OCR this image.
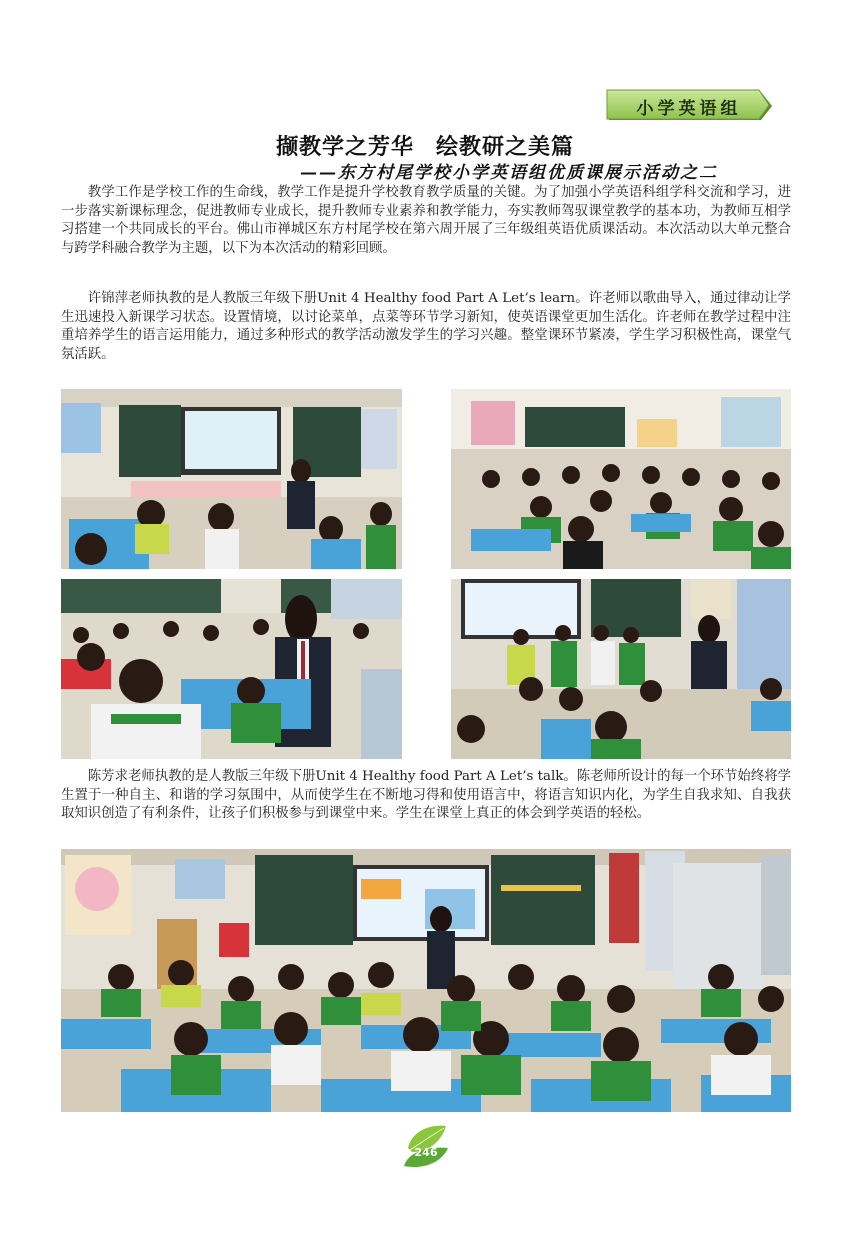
小学英语组
撷教学之芳华 绘教研之美篇
——东方村尾学校小学英语组优质课展示活动之二

教学工作是学校工作的生命线，教学工作是提升学校教育教学质量的关键。为了加强小学英语科组学科交流和学习，进一步落实新课标理念，促进教师专业成长，提升教师专业素养和教学能力，夯实教师驾驭课堂教学的基本功，为教师互相学习搭建一个共同成长的平台。佛山市禅城区东方村尾学校在第六周开展了三年级组英语优质课活动。本次活动以大单元整合与跨学科融合教学为主题，以下为本次活动的精彩回顾。

许锦萍老师执教的是人教版三年级下册Unit 4 Healthy food Part A Let’s learn。许老师以歌曲导入，通过律动让学生迅速投入新课学习状态。设置情境，以讨论菜单，点菜等环节学习新知，使英语课堂更加生活化。许老师在教学过程中注重培养学生的语言运用能力，通过多种形式的教学活动激发学生的学习兴趣。整堂课环节紧凑，学生学习积极性高，课堂气氛活跃。

陈芳求老师执教的是人教版三年级下册Unit 4 Healthy food Part A Let’s talk。陈老师所设计的每一个环节始终将学生置于一种自主、和谐的学习氛围中，从而使学生在不断地习得和使用语言中，将语言知识内化，为学生自我求知、自我获取知识创造了有利条件，让孩子们积极参与到课堂中来。学生在课堂上真正的体会到学英语的轻松。

246
